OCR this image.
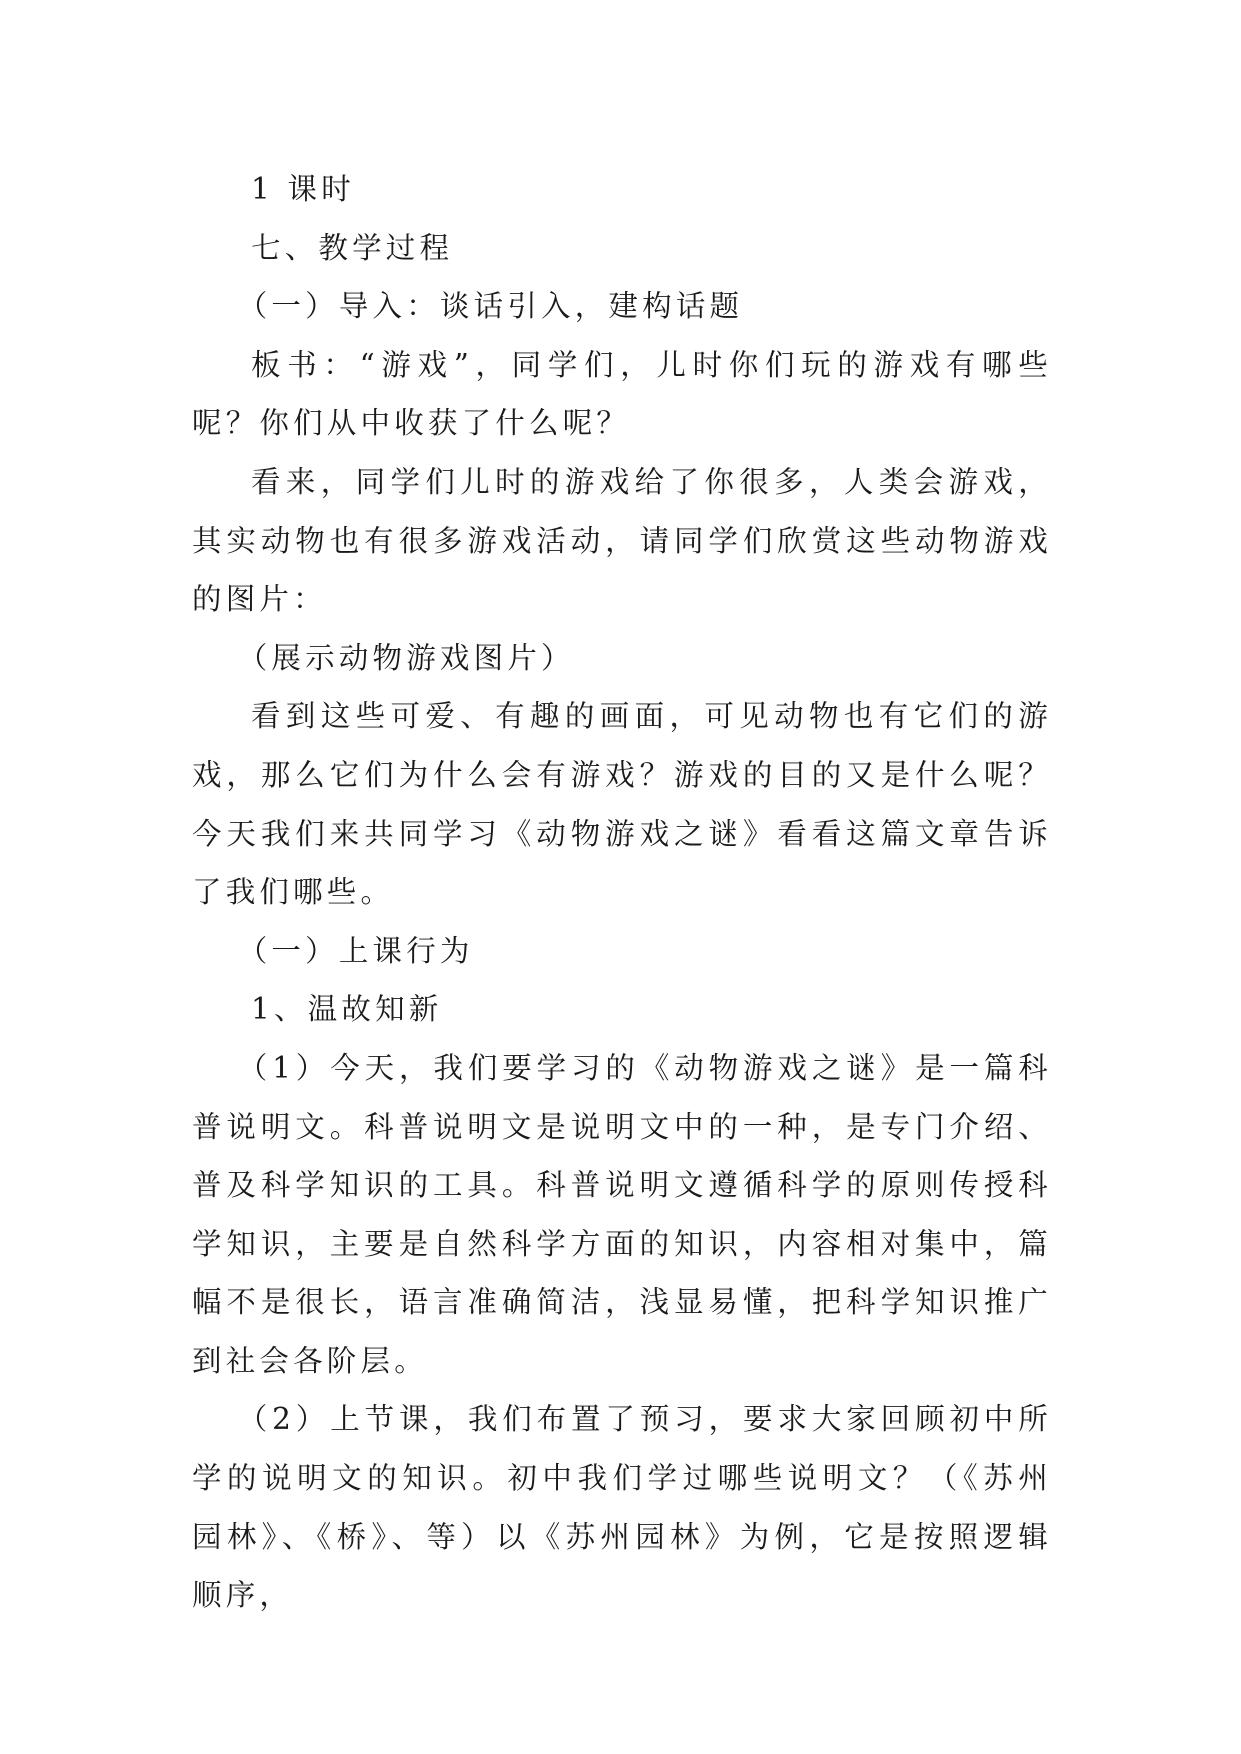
1 课时

七、教学过程

（一）导入：谈话引入，建构话题

板书：“游戏”，同学们，儿时你们玩的游戏有哪些呢？你们从中收获了什么呢？

看来，同学们儿时的游戏给了你很多，人类会游戏，其实动物也有很多游戏活动，请同学们欣赏这些动物游戏的图片：

（展示动物游戏图片）

看到这些可爱、有趣的画面，可见动物也有它们的游戏，那么它们为什么会有游戏？游戏的目的又是什么呢？今天我们来共同学习《动物游戏之谜》看看这篇文章告诉了我们哪些。

（一）上课行为

1、温故知新

（1）今天，我们要学习的《动物游戏之谜》是一篇科普说明文。科普说明文是说明文中的一种，是专门介绍、普及科学知识的工具。科普说明文遵循科学的原则传授科学知识，主要是自然科学方面的知识，内容相对集中，篇幅不是很长，语言准确简洁，浅显易懂，把科学知识推广到社会各阶层。

（2）上节课，我们布置了预习，要求大家回顾初中所学的说明文的知识。初中我们学过哪些说明文？（《苏州园林》、《桥》、等）以《苏州园林》为例，它是按照逻辑顺序，
